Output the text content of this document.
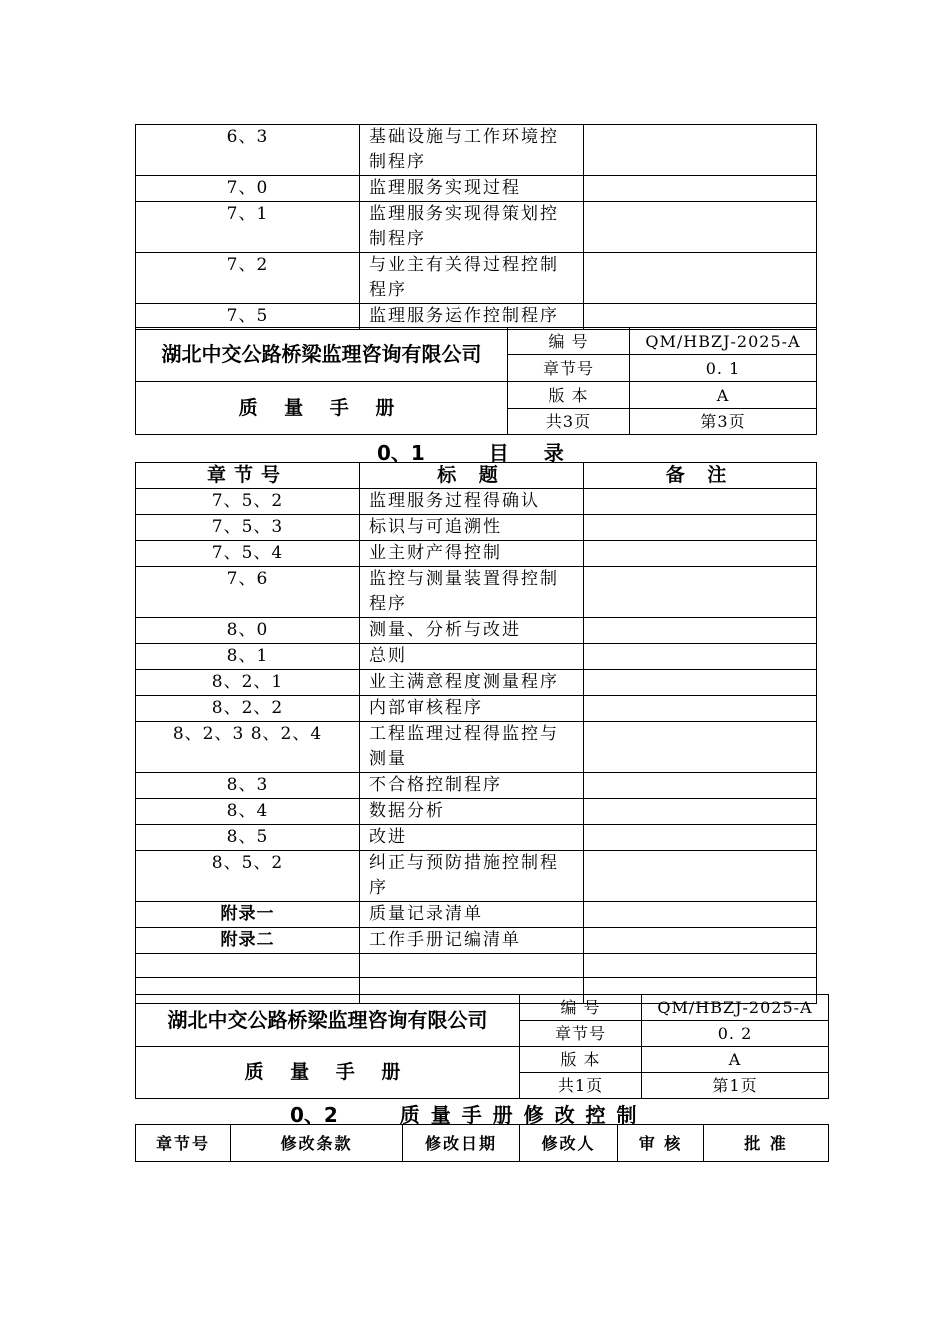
6、3	基础设施与工作环境控制程序	
7、0	监理服务实现过程	
7、1	监理服务实现得策划控制程序	
7、2	与业主有关得过程控制程序	
7、5	监理服务运作控制程序	
湖北中交公路桥梁监理咨询有限公司	编 号	QM/HBZJ-2025-A
	章节号	0. 1
质 量 手 册	版 本	A
	共3页	第3页
0、1	目 录
章节号	标 题	备 注
7、5、2	监理服务过程得确认	
7、5、3	标识与可追溯性	
7、5、4	业主财产得控制	
7、6	监控与测量装置得控制程序	
8、0	测量、分析与改进	
8、1	总则	
8、2、1	业主满意程度测量程序	
8、2、2	内部审核程序	
8、2、3 8、2、4	工程监理过程得监控与测量	
8、3	不合格控制程序	
8、4	数据分析	
8、5	改进	
8、5、2	纠正与预防措施控制程序	
附录一	质量记录清单	
附录二	工作手册记编清单	

湖北中交公路桥梁监理咨询有限公司	编 号	QM/HBZJ-2025-A
	章节号	0. 2
质 量 手 册	版 本	A
	共1页	第1页
0、2	质 量 手 册 修 改 控 制
章节号	修改条款	修改日期	修改人	审 核	批 准
